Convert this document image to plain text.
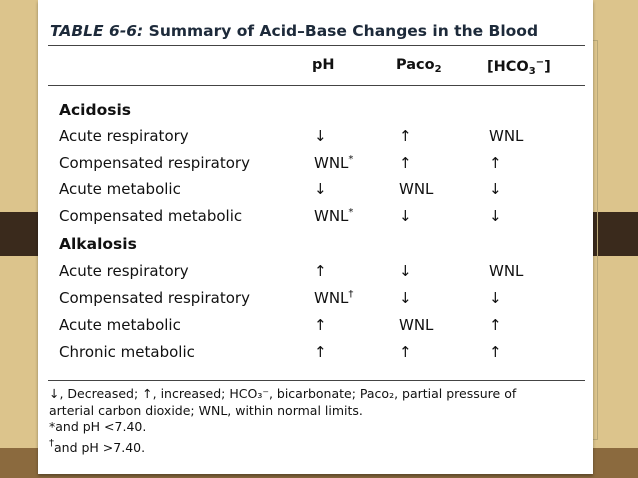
TABLE 6-6: Summary of Acid–Base Changes in the Blood
pH	Paco$_2$	$[HCO_3^-]$
Acidosis
Acute respiratory	↓	↑	WNL
Compensated respiratory	WNL*	↑	↑
Acute metabolic	↓	WNL	↓
Compensated metabolic	WNL*	↓	↓
Alkalosis
Acute respiratory	↑	↓	WNL
Compensated respiratory	WNL†	↓	↓
Acute metabolic	↑	WNL	↑
Chronic metabolic	↑	↑	↑
↓, Decreased; ↑, increased; HCO₃⁻, bicarbonate; Paco₂, partial pressure of
arterial carbon dioxide; WNL, within normal limits.
*and pH <7.40.
†and pH >7.40.
